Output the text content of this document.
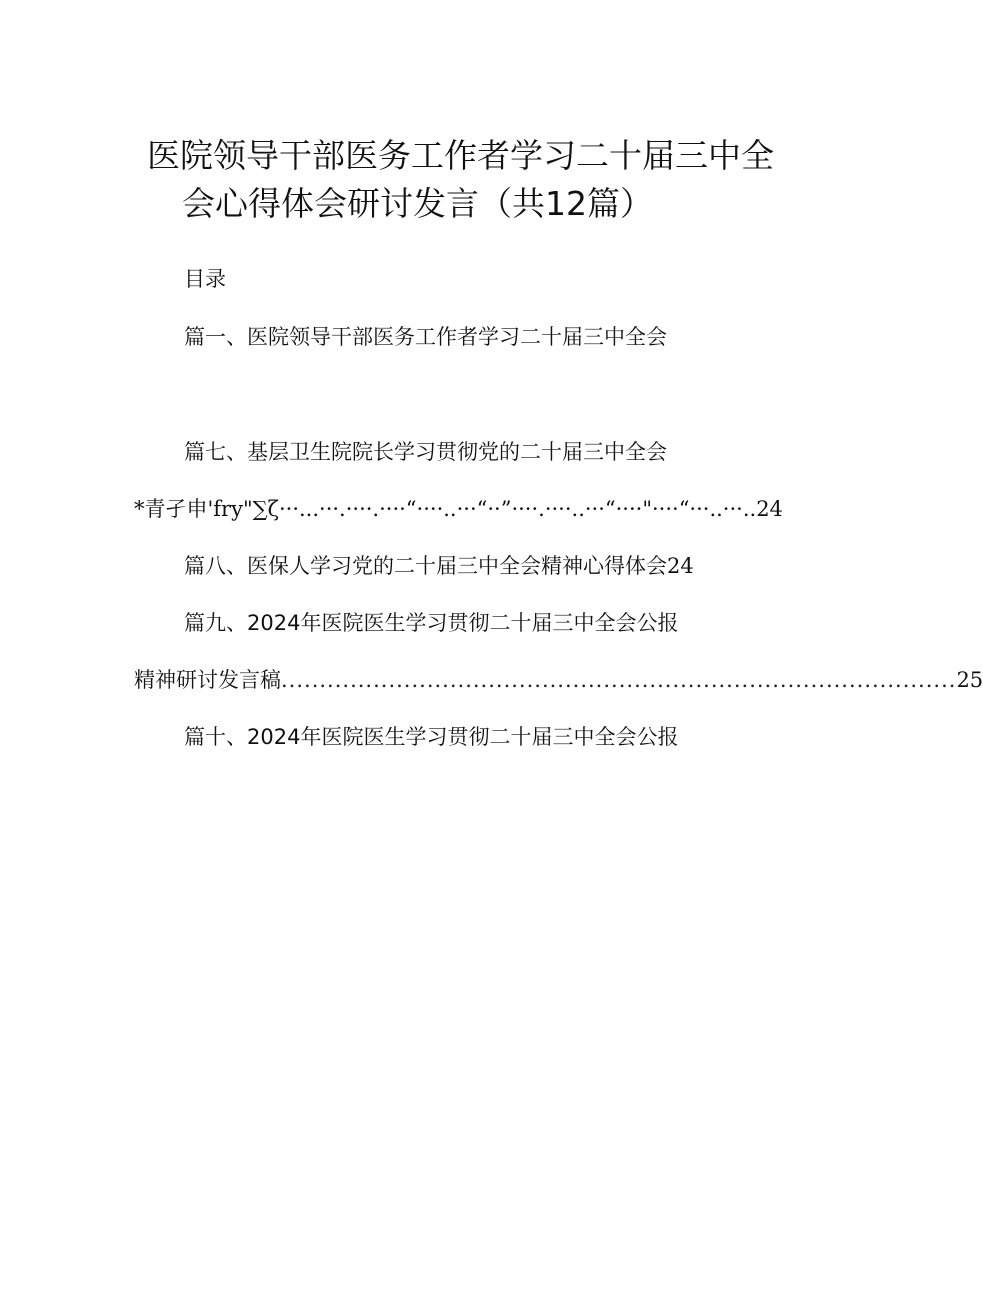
医院领导干部医务工作者学习二十届三中全
会心得体会研讨发言（共12篇）
目录
篇一、医院领导干部医务工作者学习二十届三中全会
篇七、基层卫生院院长学习贯彻党的二十届三中全会
*青孑申'fry"∑ζ···...···.····.····“····..···“··”····.····..···“····"····“···..···.. 24
篇八、医保人学习党的二十届三中全会精神心得体会24
篇九、2024年医院医生学习贯彻二十届三中全会公报
精神研讨发言稿 ........................................................................................ 25
篇十、2024年医院医生学习贯彻二十届三中全会公报
